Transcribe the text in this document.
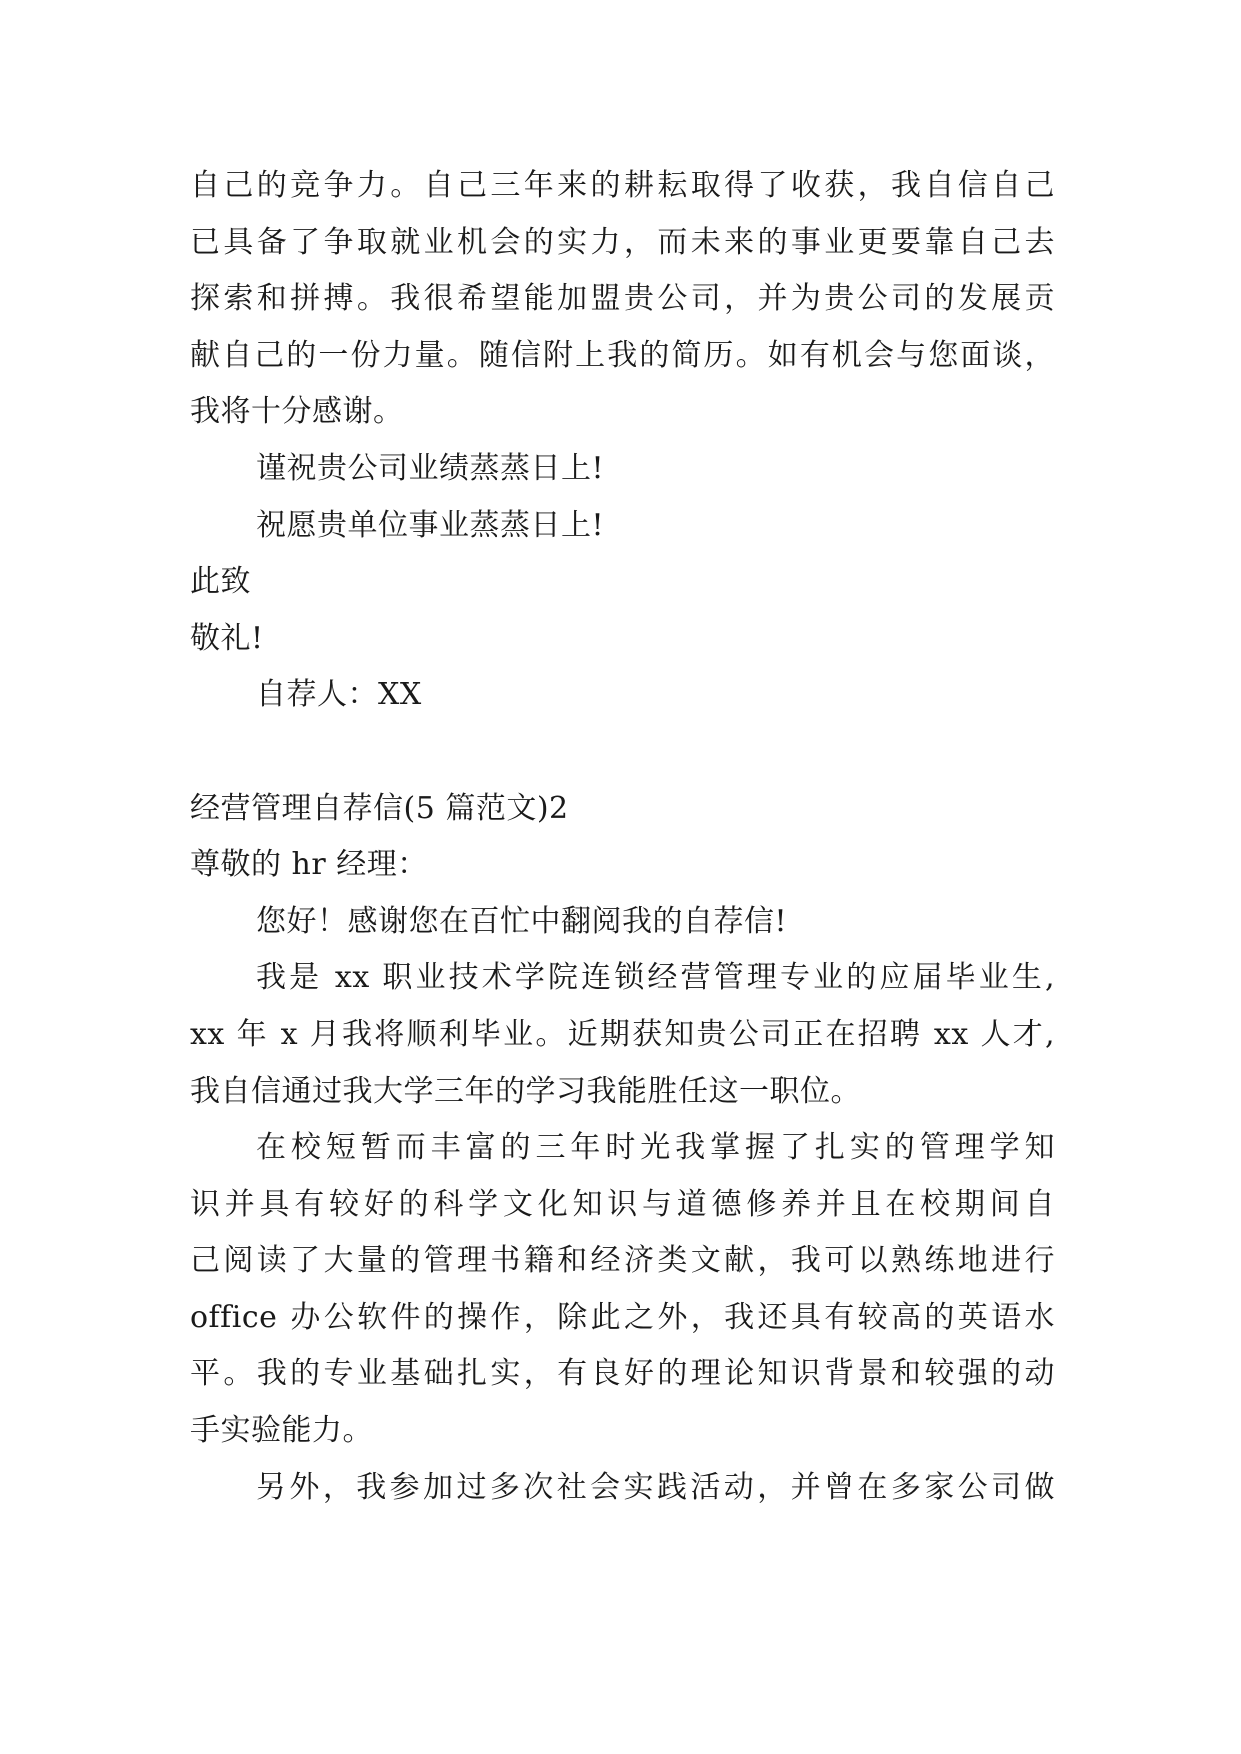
自己的竞争力。自己三年来的耕耘取得了收获，我自信自己
已具备了争取就业机会的实力，而未来的事业更要靠自己去
探索和拼搏。我很希望能加盟贵公司，并为贵公司的发展贡
献自己的一份力量。随信附上我的简历。如有机会与您面谈，
我将十分感谢。
谨祝贵公司业绩蒸蒸日上!
祝愿贵单位事业蒸蒸日上!
此致
敬礼!
自荐人：XX
经营管理自荐信(5 篇范文)2
尊敬的 hr 经理：
您好！感谢您在百忙中翻阅我的自荐信!
我是 xx 职业技术学院连锁经营管理专业的应届毕业生,
xx 年 x 月我将顺利毕业。近期获知贵公司正在招聘 xx 人才,
我自信通过我大学三年的学习我能胜任这一职位。
在校短暂而丰富的三年时光我掌握了扎实的管理学知
识并具有较好的科学文化知识与道德修养并且在校期间自
己阅读了大量的管理书籍和经济类文献，我可以熟练地进行
office 办公软件的操作，除此之外，我还具有较高的英语水
平。我的专业基础扎实，有良好的理论知识背景和较强的动
手实验能力。
另外，我参加过多次社会实践活动，并曾在多家公司做
